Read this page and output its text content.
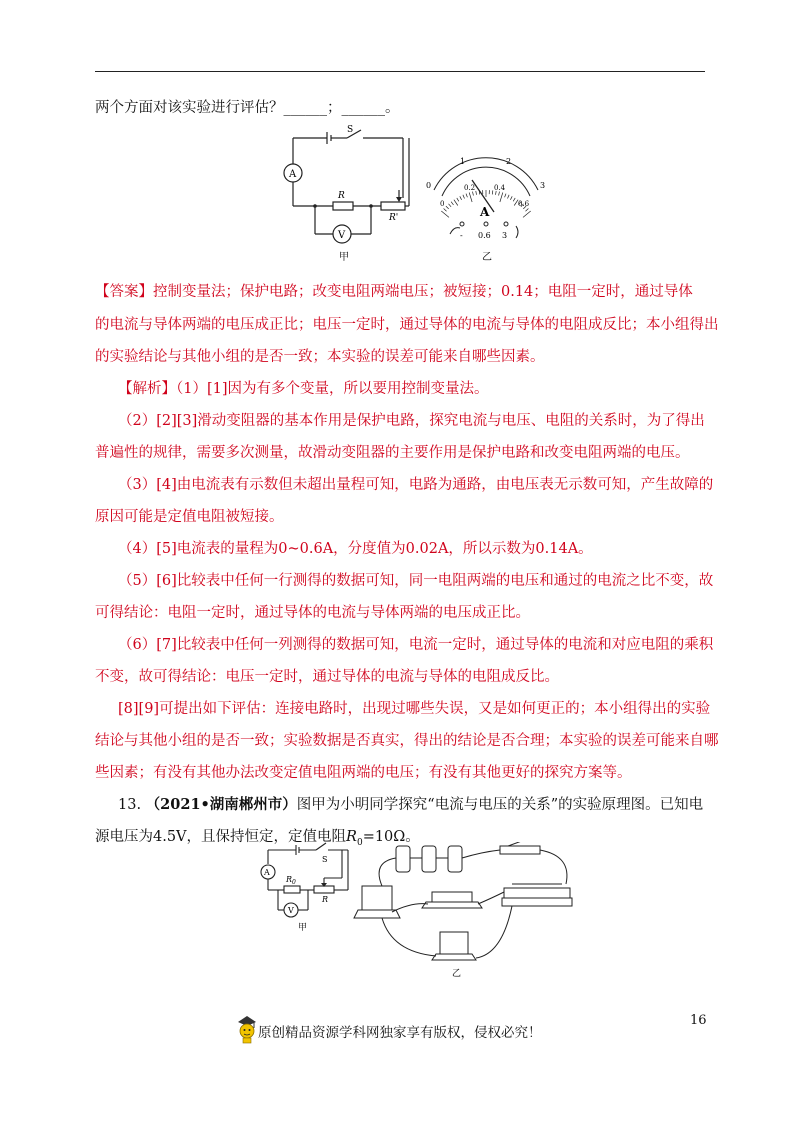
两个方面对该实验进行评估？______；______。
S
A
V
R
R'
甲
0
1	2
3
0
0.2	0.4
0.6
A
- 0.6 3
乙
【答案】控制变量法；保护电路；改变电阻两端电压；被短接；0.14；电阻一定时，通过导体
的电流与导体两端的电压成正比；电压一定时，通过导体的电流与导体的电阻成反比；本小组得出
的实验结论与其他小组的是否一致；本实验的误差可能来自哪些因素。
【解析】（1）[1]因为有多个变量，所以要用控制变量法。
（2）[2][3]滑动变阻器的基本作用是保护电路，探究电流与电压、电阻的关系时，为了得出
普遍性的规律，需要多次测量，故滑动变阻器的主要作用是保护电路和改变电阻两端的电压。
（3）[4]由电流表有示数但未超出量程可知，电路为通路，由电压表无示数可知，产生故障的
原因可能是定值电阻被短接。
（4）[5]电流表的量程为0~0.6A，分度值为0.02A，所以示数为0.14A。
（5）[6]比较表中任何一行测得的数据可知，同一电阻两端的电压和通过的电流之比不变，故
可得结论：电阻一定时，通过导体的电流与导体两端的电压成正比。
（6）[7]比较表中任何一列测得的数据可知，电流一定时，通过导体的电流和对应电阻的乘积
不变，故可得结论：电压一定时，通过导体的电流与导体的电阻成反比。
[8][9]可提出如下评估：连接电路时，出现过哪些失误，又是如何更正的；本小组得出的实验
结论与其他小组的是否一致；实验数据是否真实，得出的结论是否合理；本实验的误差可能来自哪
些因素；有没有其他办法改变定值电阻两端的电压；有没有其他更好的探究方案等。
13. （2021•湖南郴州市）图甲为小明同学探究“电流与电压的关系”的实验原理图。已知电
源电压为4.5V，且保持恒定，定值电阻$R_0=10\Omega$。
S
A
V
$R_0$
R
甲
乙
16
原创精品资源学科网独家享有版权，侵权必究！
